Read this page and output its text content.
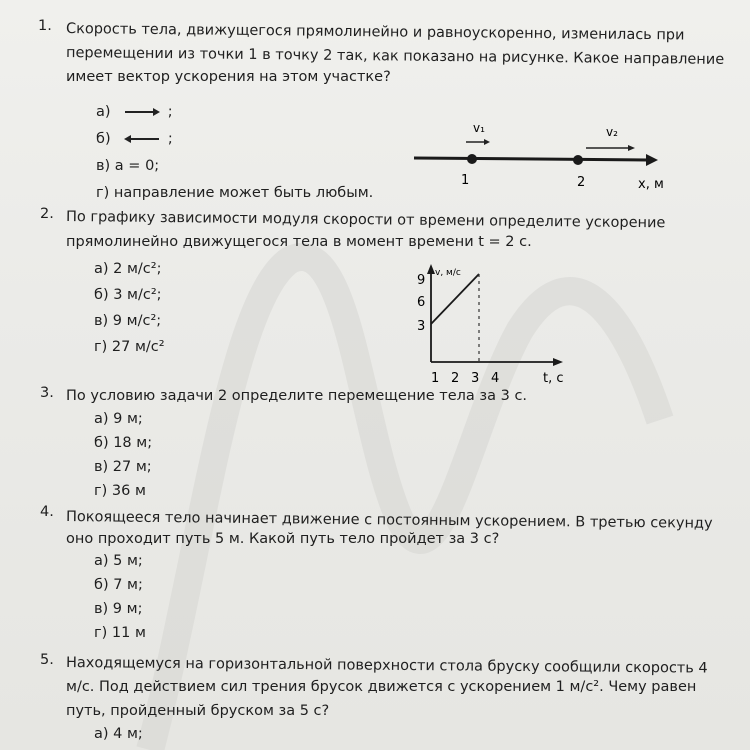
1. Скорость тела, движущегося прямолинейно и равноускоренно, изменилась при
перемещении из точки 1 в точку 2 так, как показано на рисунке. Какое направление
имеет вектор ускорения на этом участке?
а)	;
б)	;
в) а = 0;
г) направление может быть любым.
v₁	v₂
1	2	x, м
2. По графику зависимости модуля скорости от времени определите ускорение
прямолинейно движущегося тела в момент времени t = 2 с.
а) 2 м/с²;
б) 3 м/с²;
в) 9 м/с²;
г) 27 м/с²
v, м/с
9
6
3
1 2 3 4	t, с
3. По условию задачи 2 определите перемещение тела за 3 с.
а) 9 м;
б) 18 м;
в) 27 м;
г) 36 м
4. Покоящееся тело начинает движение с постоянным ускорением. В третью секунду
оно проходит путь 5 м. Какой путь тело пройдет за 3 с?
а) 5 м;
б) 7 м;
в) 9 м;
г) 11 м
5. Находящемуся на горизонтальной поверхности стола бруску сообщили скорость 4
м/с. Под действием сил трения брусок движется с ускорением 1 м/с². Чему равен
путь, пройденный бруском за 5 с?
а) 4 м;
